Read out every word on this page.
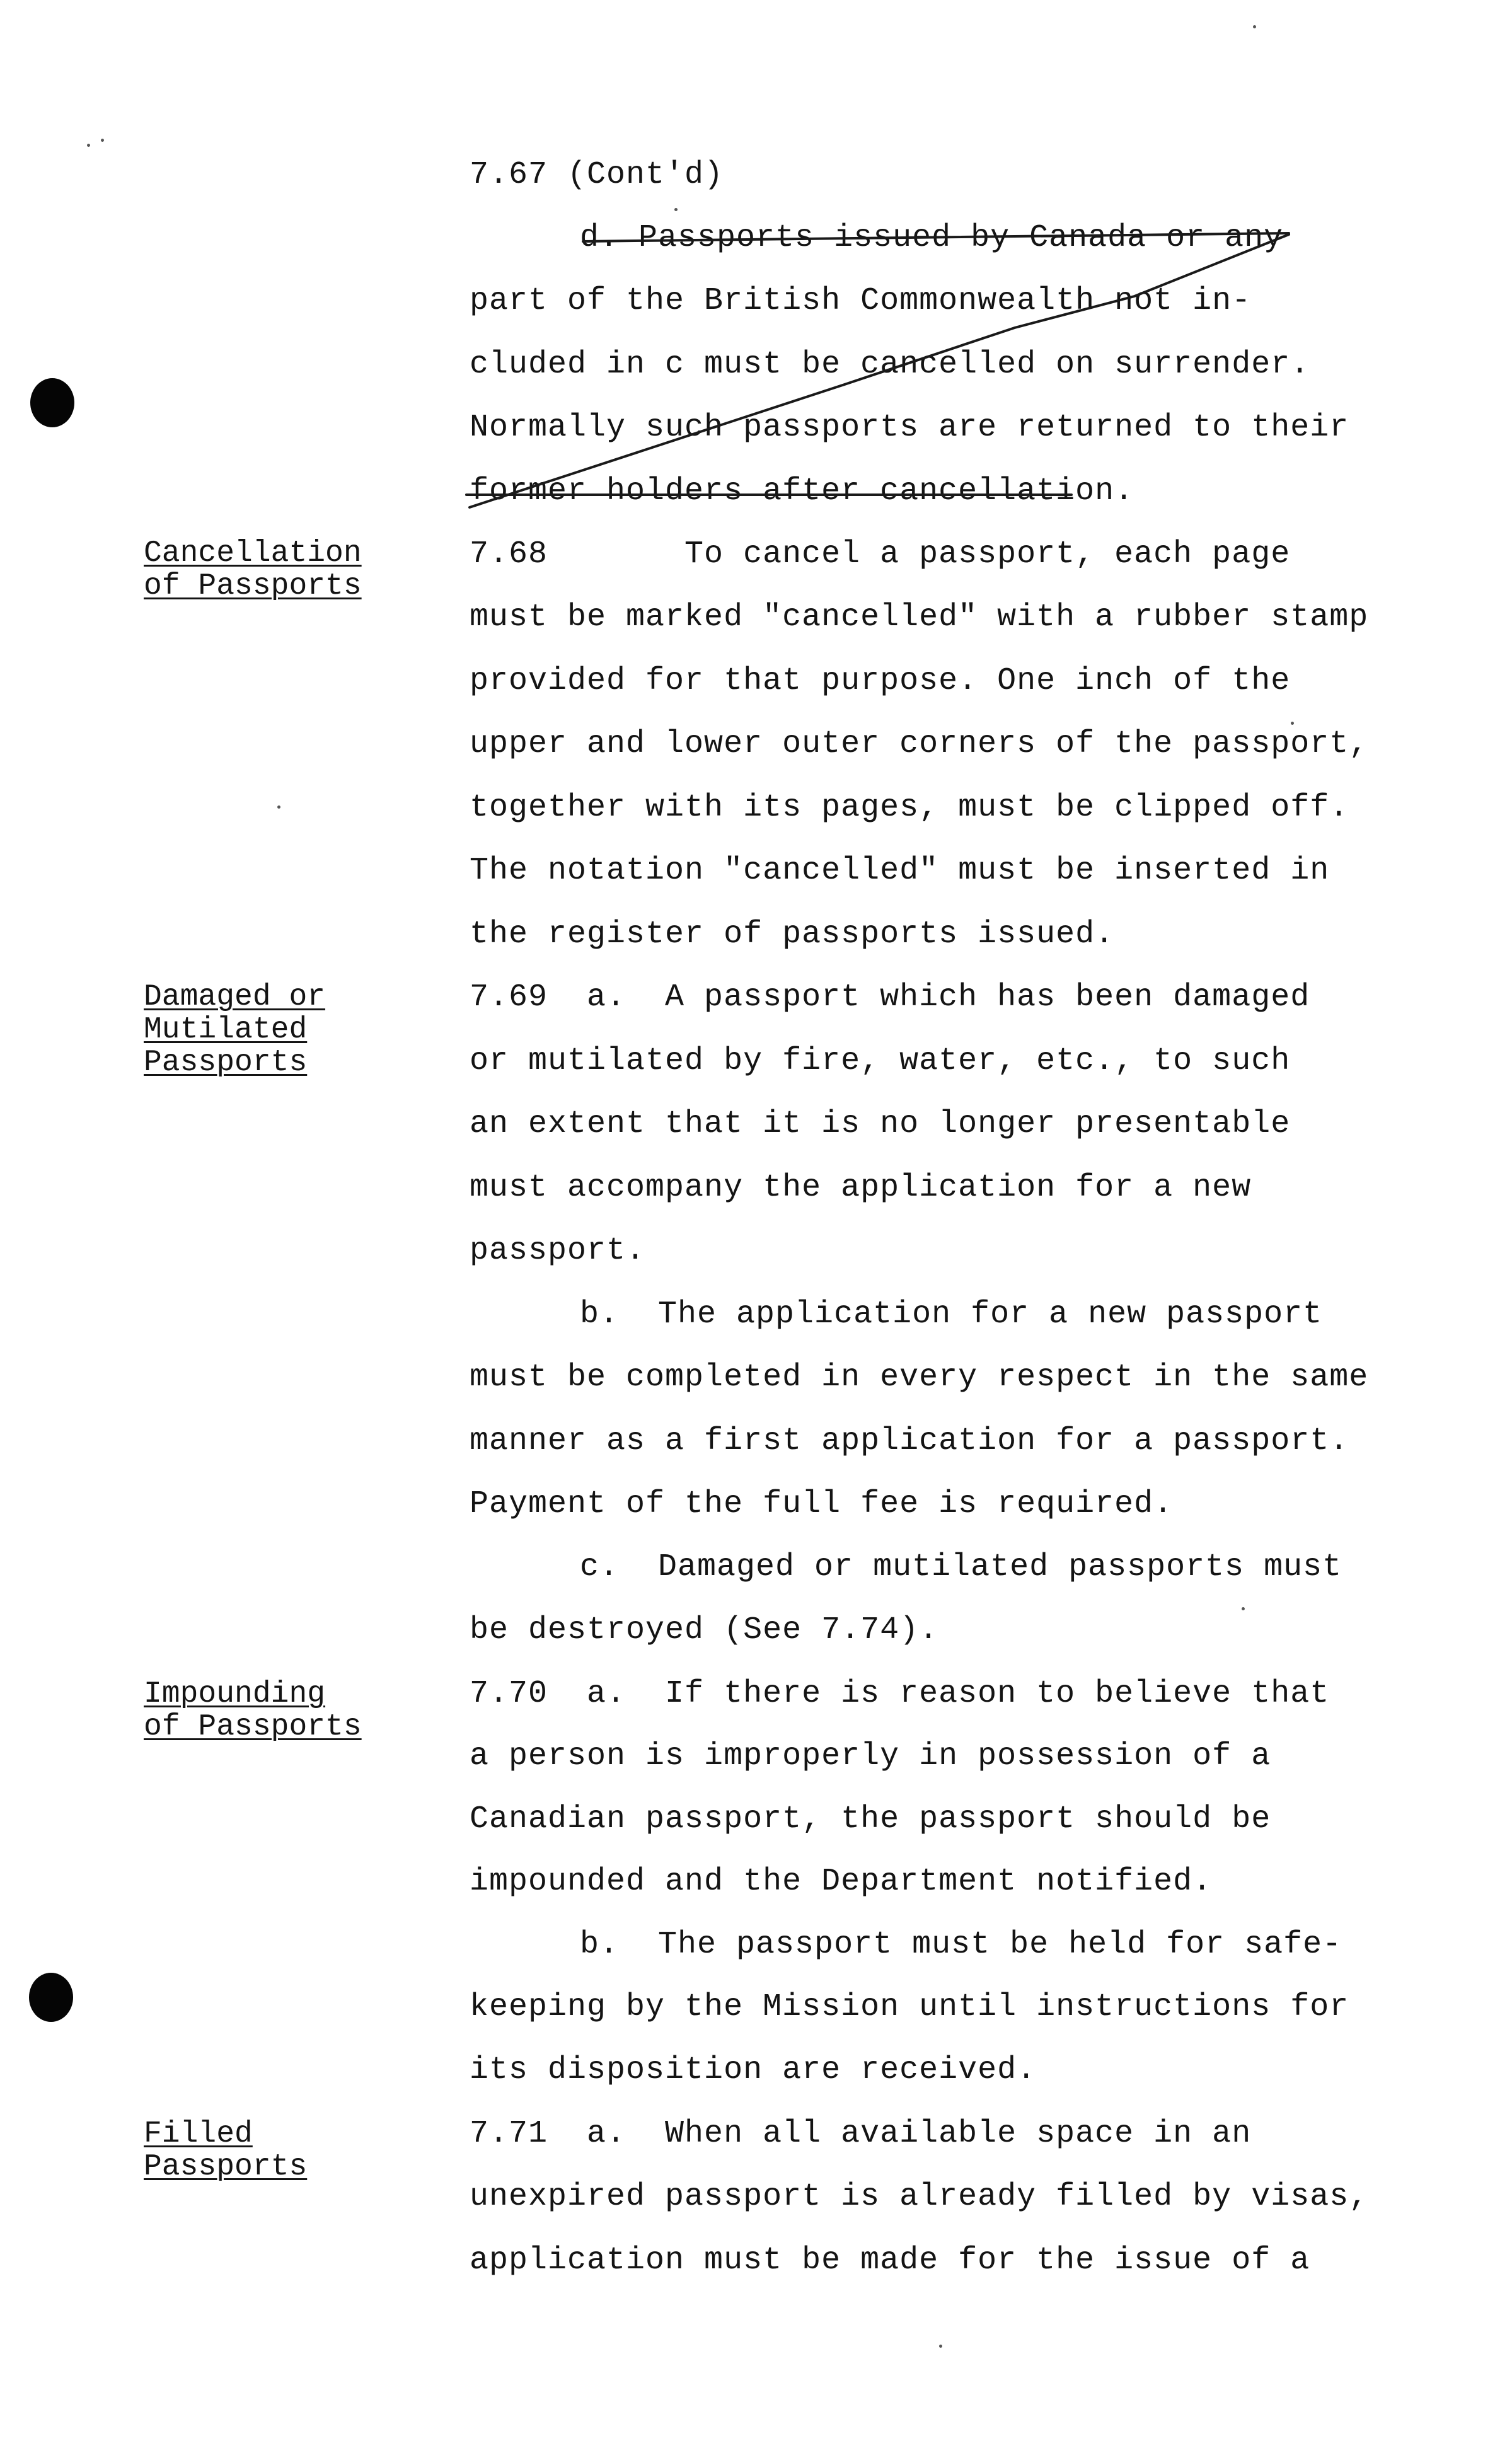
7.67 (Cont'd)
d. Passports issued by Canada or any
part of the British Commonwealth not in-
cluded in c must be cancelled on surrender.
Normally such passports are returned to their
former holders after cancellation.
Cancellation
of Passports
7.68       To cancel a passport, each page
must be marked "cancelled" with a rubber stamp
provided for that purpose. One inch of the
upper and lower outer corners of the passport,
together with its pages, must be clipped off.
The notation "cancelled" must be inserted in
the register of passports issued.
Damaged or
Mutilated
Passports
7.69  a.  A passport which has been damaged
or mutilated by fire, water, etc., to such
an extent that it is no longer presentable
must accompany the application for a new
passport.
b.  The application for a new passport
must be completed in every respect in the same
manner as a first application for a passport.
Payment of the full fee is required.
c.  Damaged or mutilated passports must
be destroyed (See 7.74).
Impounding
of Passports
7.70  a.  If there is reason to believe that
a person is improperly in possession of a
Canadian passport, the passport should be
impounded and the Department notified.
b.  The passport must be held for safe-
keeping by the Mission until instructions for
its disposition are received.
Filled
Passports
7.71  a.  When all available space in an
unexpired passport is already filled by visas,
application must be made for the issue of a
